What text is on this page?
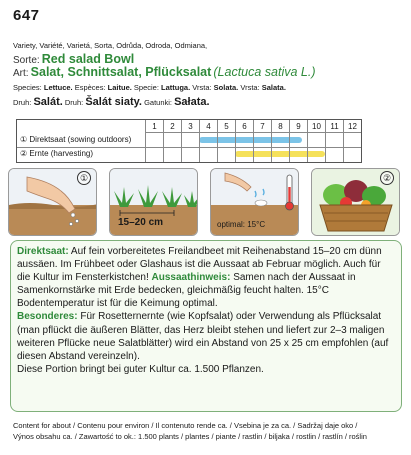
647
Variety, Variété, Varietá, Sorta, Odrůda, Odroda, Odmiana,
Sorte: Red salad Bowl
Art: Salat, Schnittsalat, Pflücksalat (Lactuca sativa L.)
Species: Lettuce. Espèces: Laitue. Specie: Lattuga. Vrsta: Solata. Vrsta: Salata.
Druh: Salát. Druh: Šalát siaty. Gatunki: Sałata.
1	2	3	4	5	6	7	8	9	10	11	12
① Direktsaat (sowing outdoors)
② Ernte (harvesting)
①
15–20 cm	optimal: 15°C
②

Direktsaat: Auf fein vorbereitetes Freilandbeet mit Reihenabstand 15–20 cm dünn aussäen. Im Frühbeet oder Glashaus ist die Aussaat ab Februar möglich. Auch für die Kultur im Fensterkistchen! Aussaathinweis: Samen nach der Aussaat in Samenkornstärke mit Erde bedecken, gleichmäßig feucht halten. 15°C Bodentemperatur ist für die Keimung optimal.

Besonderes: Für Rosetternernte (wie Kopfsalat) oder Verwendung als Pflücksalat (man pflückt die äußeren Blätter, das Herz bleibt stehen und liefert zur 2–3 maligen weiteren Pflücke neue Salatblätter) wird ein Abstand von 25 x 25 cm empfohlen (auf diesen Abstand vereinzeln).

Diese Portion bringt bei guter Kultur ca. 1.500 Pflanzen.

Content for about / Contenu pour environ / Il contenuto rende ca. / Vsebina je za ca. / Sadržaj daje oko /
Výnos obsahu ca. / Zawartość to ok.: 1.500 plants / plantes / piante / rastlin / biljaka / rostlin / rastlín / roślin
